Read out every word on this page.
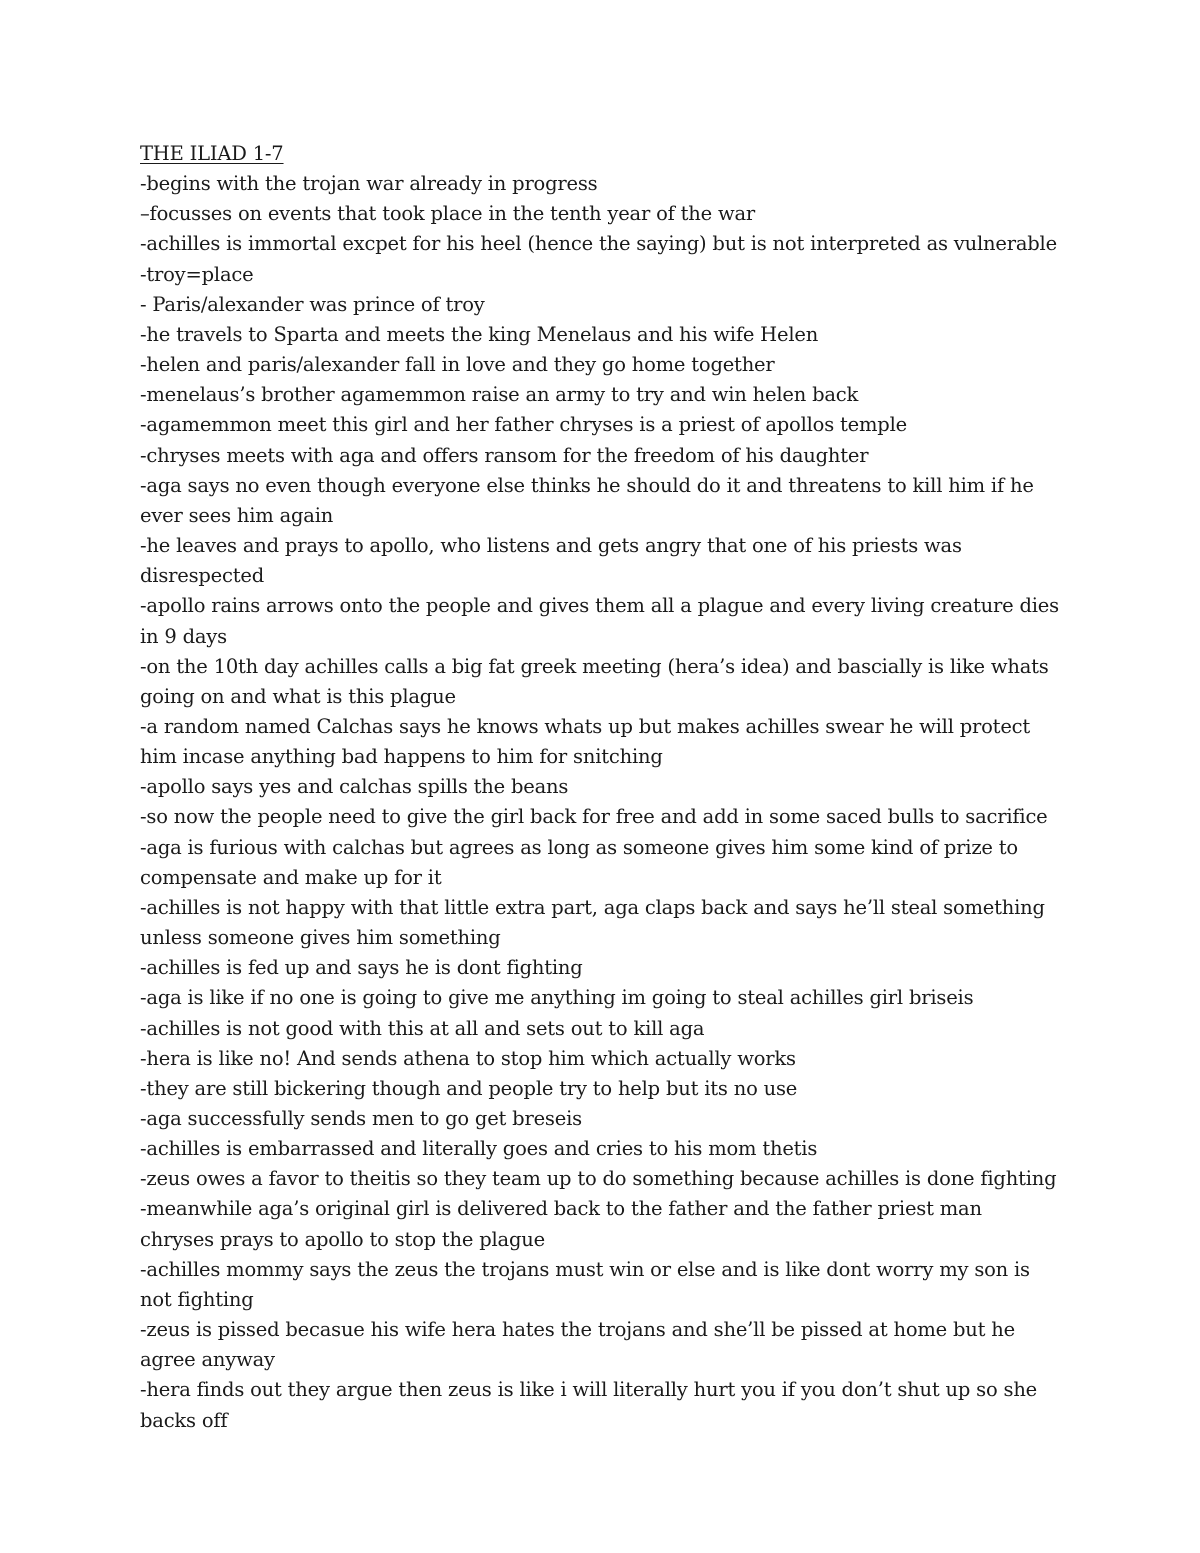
THE ILIAD 1-7
-begins with the trojan war already in progress
–focusses on events that took place in the tenth year of the war
-achilles is immortal excpet for his heel (hence the saying) but is not interpreted as vulnerable
-troy=place
- Paris/alexander was prince of troy
-he travels to Sparta and meets the king Menelaus and his wife Helen
-helen and paris/alexander fall in love and they go home together
-menelaus’s brother agamemmon raise an army to try and win helen back
-agamemmon meet this girl and her father chryses is a priest of apollos temple
-chryses meets with aga and offers ransom for the freedom of his daughter
-aga says no even though everyone else thinks he should do it and threatens to kill him if he ever sees him again
-he leaves and prays to apollo, who listens and gets angry that one of his priests was disrespected
-apollo rains arrows onto the people and gives them all a plague and every living creature dies in 9 days
-on the 10th day achilles calls a big fat greek meeting (hera’s idea) and bascially is like whats going on and what is this plague
-a random named Calchas says he knows whats up but makes achilles swear he will protect him incase anything bad happens to him for snitching
-apollo says yes and calchas spills the beans
-so now the people need to give the girl back for free and add in some saced bulls to sacrifice
-aga is furious with calchas but agrees as long as someone gives him some kind of prize to compensate and make up for it
-achilles is not happy with that little extra part, aga claps back and says he’ll steal something unless someone gives him something
-achilles is fed up and says he is dont fighting
-aga is like if no one is going to give me anything im going to steal achilles girl briseis
-achilles is not good with this at all and sets out to kill aga
-hera is like no! And sends athena to stop him which actually works
-they are still bickering though and people try to help but its no use
-aga successfully sends men to go get breseis
-achilles is embarrassed and literally goes and cries to his mom thetis
-zeus owes a favor to theitis so they team up to do something because achilles is done fighting
-meanwhile aga’s original girl is delivered back to the father and the father priest man chryses prays to apollo to stop the plague
-achilles mommy says the zeus the trojans must win or else and is like dont worry my son is not fighting
-zeus is pissed becasue his wife hera hates the trojans and she’ll be pissed at home but he agree anyway
-hera finds out they argue then zeus is like i will literally hurt you if you don’t shut up so she backs off
